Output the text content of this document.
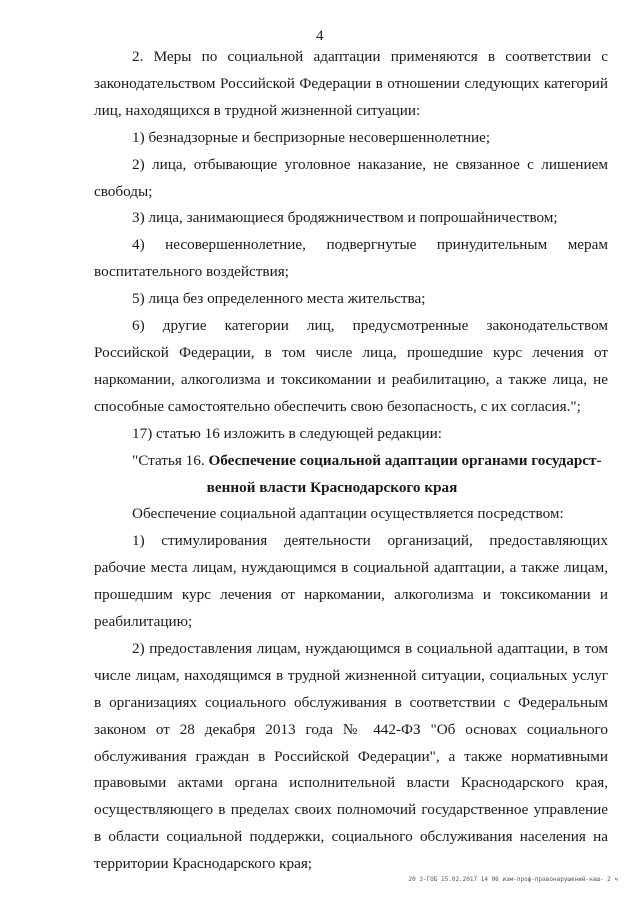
4

2. Меры по социальной адаптации применяются в соответствии с законодательством Российской Федерации в отношении следующих категорий лиц, находящихся в трудной жизненной ситуации:

1) безнадзорные и беспризорные несовершеннолетние;

2) лица, отбывающие уголовное наказание, не связанное с лишением свободы;

3) лица, занимающиеся бродяжничеством и попрошайничеством;

4) несовершеннолетние, подвергнутые принудительным мерам воспитательного воздействия;

5) лица без определенного места жительства;

6) другие категории лиц, предусмотренные законодательством Российской Федерации, в том числе лица, прошедшие курс лечения от наркомании, алкоголизма и токсикомании и реабилитацию, а также лица, не способные самостоятельно обеспечить свою безопасность, с их согласия.";

17) статью 16 изложить в следующей редакции:

"Статья 16. Обеспечение социальной адаптации органами государст-
венной власти Краснодарского края

Обеспечение социальной адаптации осуществляется посредством:

1) стимулирования деятельности организаций, предоставляющих рабочие места лицам, нуждающимся в социальной адаптации, а также лицам, прошедшим курс лечения от наркомании, алкоголизма и токсикомании и реабилитацию;

2) предоставления лицам, нуждающимся в социальной адаптации, в том числе лицам, находящимся в трудной жизненной ситуации, социальных услуг в организациях социального обслуживания в соответствии с Федеральным законом от 28 декабря 2013 года № 442-ФЗ "Об основах социального обслуживания граждан в Российской Федерации", а также нормативными правовыми актами органа исполнительной власти Краснодарского края, осуществляющего в пределах своих полномочий государственное управление в области социальной поддержки, социального обслуживания населения на территории Краснодарского края;

20 3-ГОБ 15.02.2017 14 06 изм-проф-правонарушений-наш- 2 ч
